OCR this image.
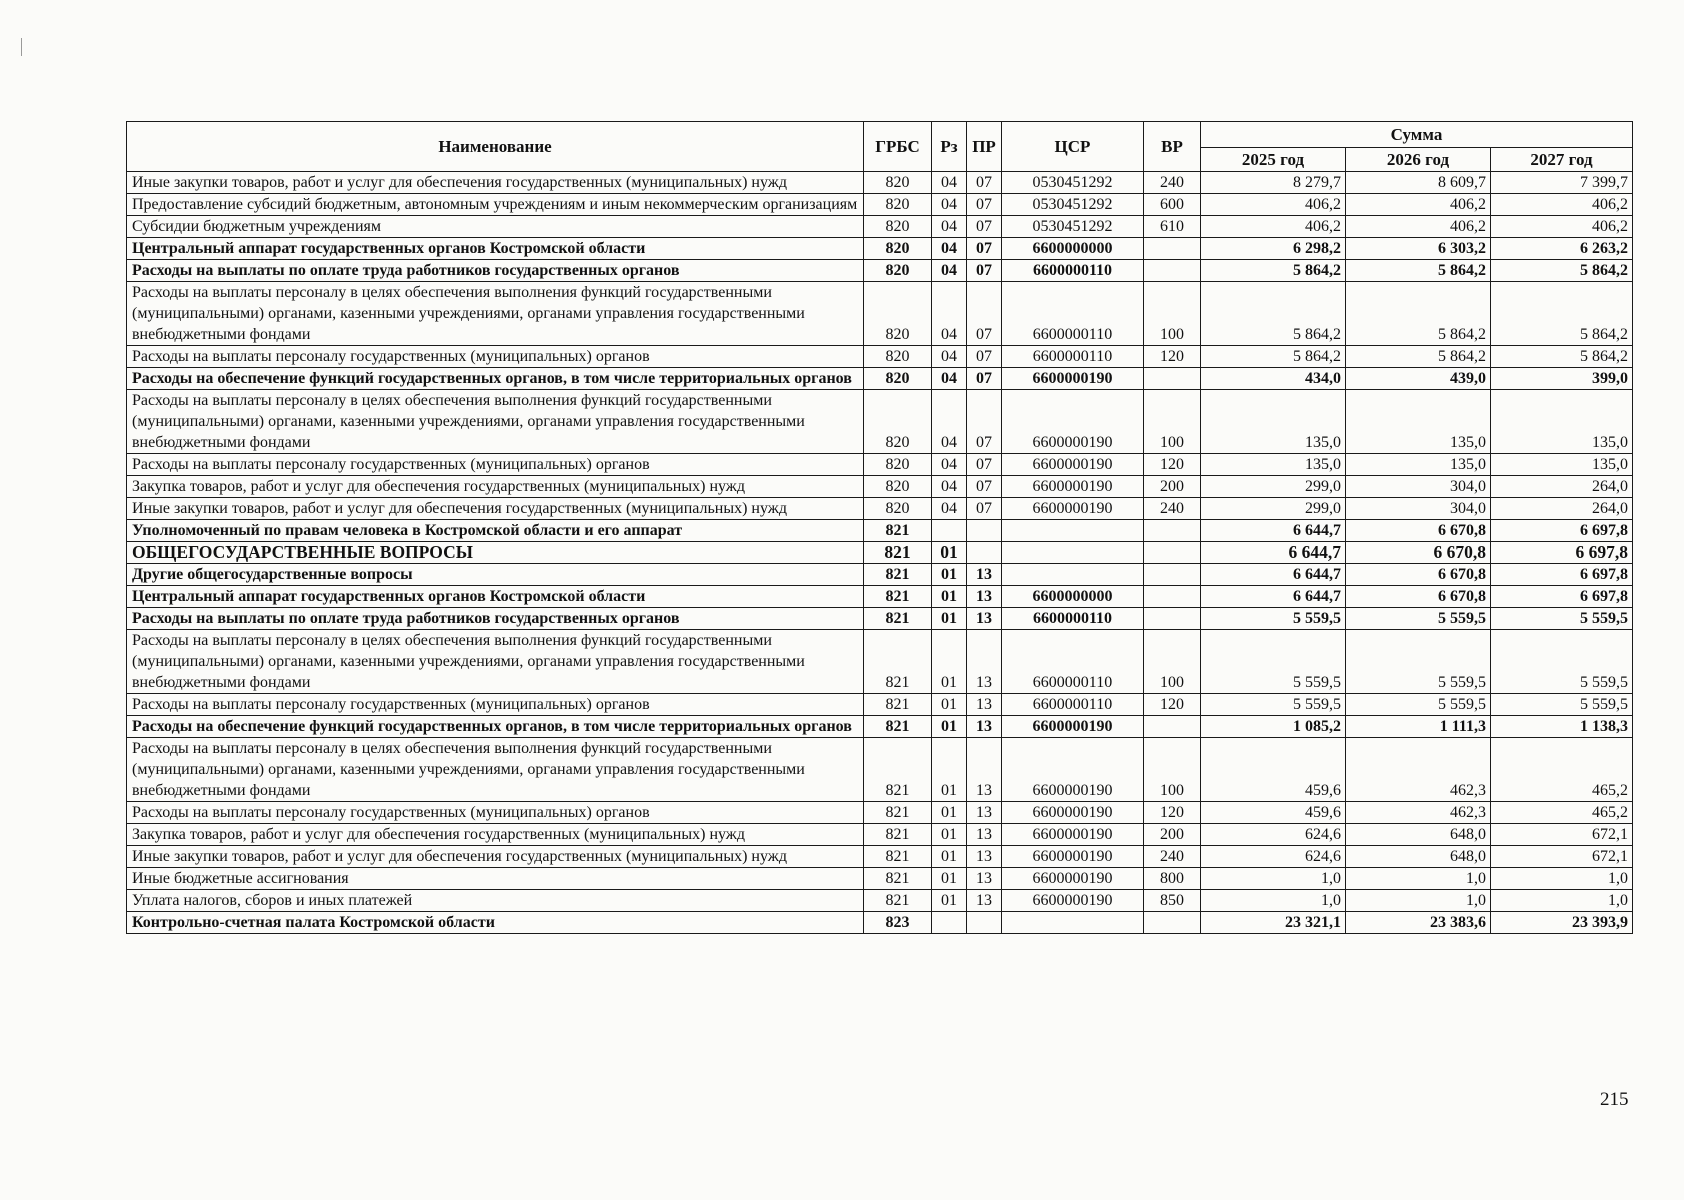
Наименование	ГРБС	Рз	ПР	ЦСР	ВР	Сумма		
						2025 год	2026 год	2027 год
Иные закупки товаров, работ и услуг для обеспечения государственных (муниципальных) нужд	820	04	07	0530451292	240	8 279,7	8 609,7	7 399,7
Предоставление субсидий бюджетным, автономным учреждениям и иным некоммерческим организациям	820	04	07	0530451292	600	406,2	406,2	406,2
Субсидии бюджетным учреждениям	820	04	07	0530451292	610	406,2	406,2	406,2
Центральный аппарат государственных органов Костромской области	820	04	07	6600000000		6 298,2	6 303,2	6 263,2
Расходы на выплаты по оплате труда работников государственных органов	820	04	07	6600000110		5 864,2	5 864,2	5 864,2
Расходы на выплаты персоналу в целях обеспечения выполнения функций государственными (муниципальными) органами, казенными учреждениями, органами управления государственными внебюджетными фондами	820	04	07	6600000110	100	5 864,2	5 864,2	5 864,2
Расходы на выплаты персоналу государственных (муниципальных) органов	820	04	07	6600000110	120	5 864,2	5 864,2	5 864,2
Расходы на обеспечение функций государственных органов, в том числе территориальных органов	820	04	07	6600000190		434,0	439,0	399,0
Расходы на выплаты персоналу в целях обеспечения выполнения функций государственными (муниципальными) органами, казенными учреждениями, органами управления государственными внебюджетными фондами	820	04	07	6600000190	100	135,0	135,0	135,0
Расходы на выплаты персоналу государственных (муниципальных) органов	820	04	07	6600000190	120	135,0	135,0	135,0
Закупка товаров, работ и услуг для обеспечения государственных (муниципальных) нужд	820	04	07	6600000190	200	299,0	304,0	264,0
Иные закупки товаров, работ и услуг для обеспечения государственных (муниципальных) нужд	820	04	07	6600000190	240	299,0	304,0	264,0
Уполномоченный по правам человека в Костромской области и его аппарат	821					6 644,7	6 670,8	6 697,8
ОБЩЕГОСУДАРСТВЕННЫЕ ВОПРОСЫ	821	01				6 644,7	6 670,8	6 697,8
Другие общегосударственные вопросы	821	01	13			6 644,7	6 670,8	6 697,8
Центральный аппарат государственных органов Костромской области	821	01	13	6600000000		6 644,7	6 670,8	6 697,8
Расходы на выплаты по оплате труда работников государственных органов	821	01	13	6600000110		5 559,5	5 559,5	5 559,5
Расходы на выплаты персоналу в целях обеспечения выполнения функций государственными (муниципальными) органами, казенными учреждениями, органами управления государственными внебюджетными фондами	821	01	13	6600000110	100	5 559,5	5 559,5	5 559,5
Расходы на выплаты персоналу государственных (муниципальных) органов	821	01	13	6600000110	120	5 559,5	5 559,5	5 559,5
Расходы на обеспечение функций государственных органов, в том числе территориальных органов	821	01	13	6600000190		1 085,2	1 111,3	1 138,3
Расходы на выплаты персоналу в целях обеспечения выполнения функций государственными (муниципальными) органами, казенными учреждениями, органами управления государственными внебюджетными фондами	821	01	13	6600000190	100	459,6	462,3	465,2
Расходы на выплаты персоналу государственных (муниципальных) органов	821	01	13	6600000190	120	459,6	462,3	465,2
Закупка товаров, работ и услуг для обеспечения государственных (муниципальных) нужд	821	01	13	6600000190	200	624,6	648,0	672,1
Иные закупки товаров, работ и услуг для обеспечения государственных (муниципальных) нужд	821	01	13	6600000190	240	624,6	648,0	672,1
Иные бюджетные ассигнования	821	01	13	6600000190	800	1,0	1,0	1,0
Уплата налогов, сборов и иных платежей	821	01	13	6600000190	850	1,0	1,0	1,0
Контрольно-счетная палата Костромской области	823					23 321,1	23 383,6	23 393,9
215
